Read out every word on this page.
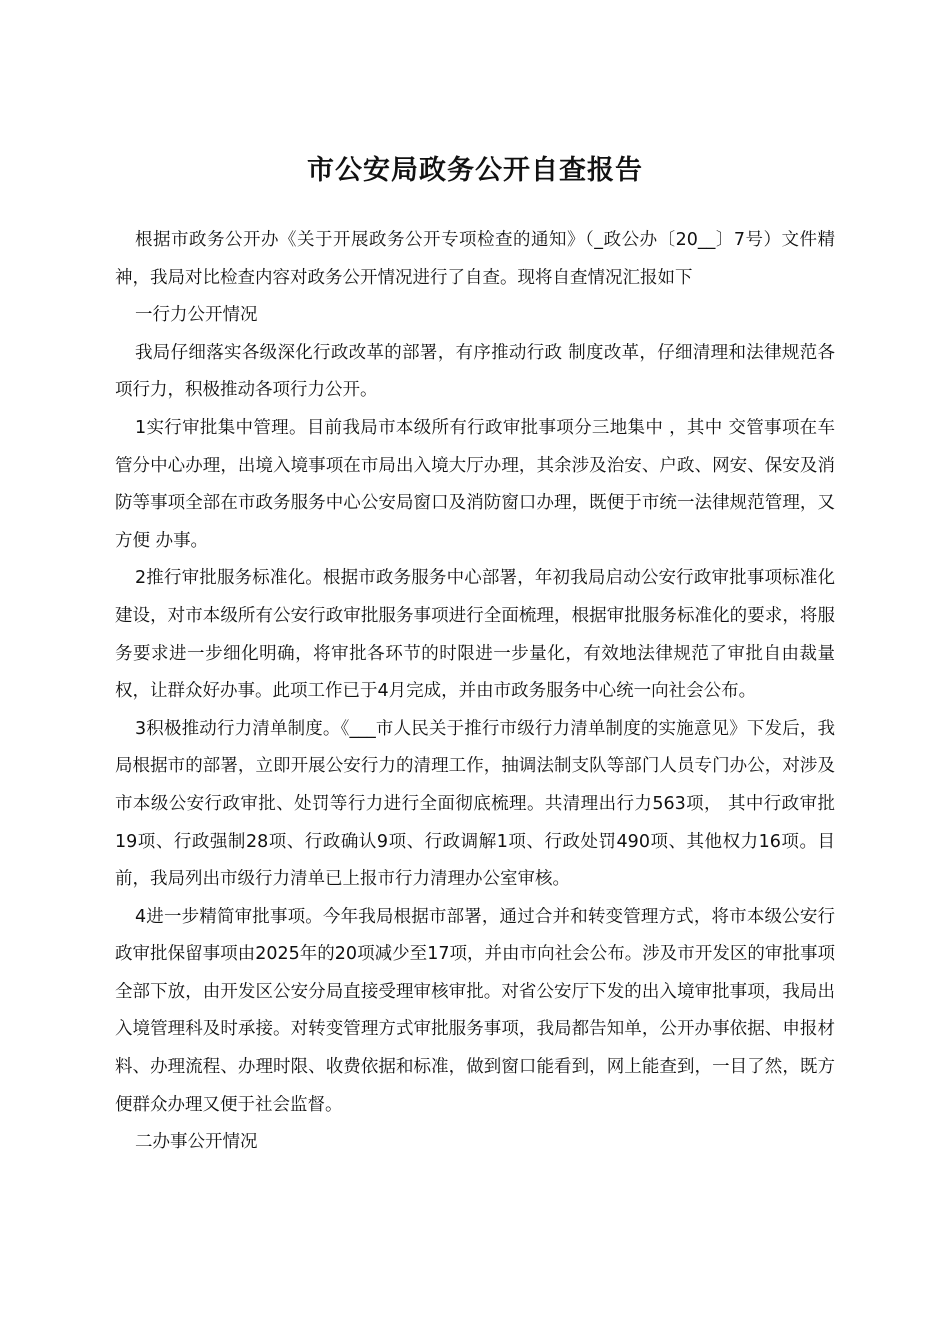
市公安局政务公开自查报告

根据市政务公开办《关于开展政务公开专项检查的通知》（_政公办〔20__〕7号）文件精神，我局对比检查内容对政务公开情况进行了自查。现将自查情况汇报如下

一行力公开情况

我局仔细落实各级深化行政改革的部署，有序推动行政 制度改革，仔细清理和法律规范各项行力，积极推动各项行力公开。

1实行审批集中管理。目前我局市本级所有行政审批事项分三地集中 ，其中 交管事项在车管分中心办理，出境入境事项在市局出入境大厅办理，其余涉及治安、户政、网安、保安及消防等事项全部在市政务服务中心公安局窗口及消防窗口办理，既便于市统一法律规范管理，又方便 办事。

2推行审批服务标准化。根据市政务服务中心部署，年初我局启动公安行政审批事项标准化建设，对市本级所有公安行政审批服务事项进行全面梳理，根据审批服务标准化的要求，将服务要求进一步细化明确，将审批各环节的时限进一步量化，有效地法律规范了审批自由裁量权，让群众好办事。此项工作已于4月完成，并由市政务服务中心统一向社会公布。

3积极推动行力清单制度。《___市人民关于推行市级行力清单制度的实施意见》下发后，我局根据市的部署，立即开展公安行力的清理工作，抽调法制支队等部门人员专门办公，对涉及市本级公安行政审批、处罚等行力进行全面彻底梳理。共清理出行力563项， 其中行政审批19项、行政强制28项、行政确认9项、行政调解1项、行政处罚490项、其他权力16项。目前，我局列出市级行力清单已上报市行力清理办公室审核。

4进一步精简审批事项。今年我局根据市部署，通过合并和转变管理方式，将市本级公安行政审批保留事项由2025年的20项减少至17项，并由市向社会公布。涉及市开发区的审批事项全部下放，由开发区公安分局直接受理审核审批。对省公安厅下发的出入境审批事项，我局出入境管理科及时承接。对转变管理方式审批服务事项，我局都告知单，公开办事依据、申报材料、办理流程、办理时限、收费依据和标准，做到窗口能看到，网上能查到，一目了然，既方便群众办理又便于社会监督。

二办事公开情况
